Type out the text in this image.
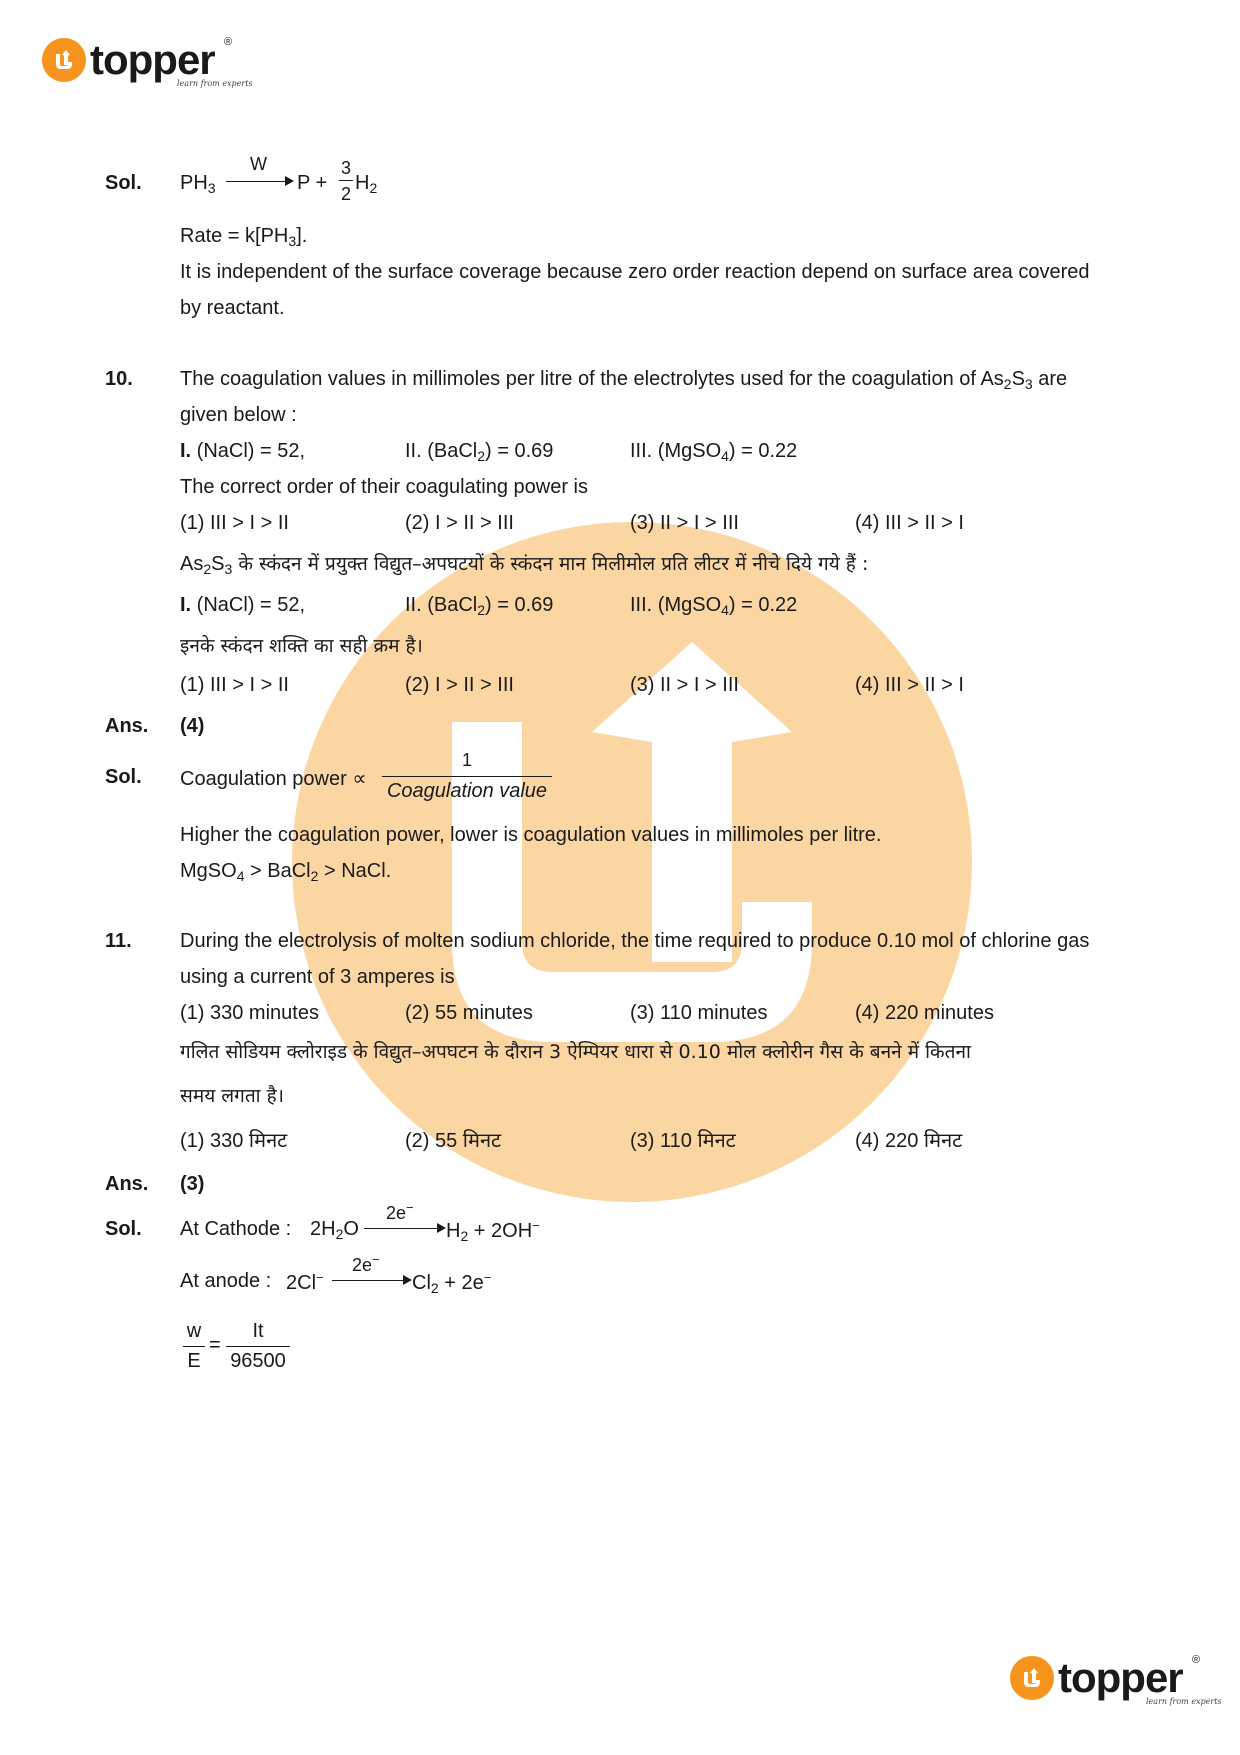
topper ®
learn from experts
Sol. $PH_3$
W
→ P +
3
2 $H_2$
Rate = $k[PH_3]$.
It is independent of the surface coverage because zero order reaction depend on surface area covered
by reactant.
10. The coagulation values in millimoles per litre of the electrolytes used for the coagulation of $As_2S_3$ are
given below :
I. (NaCl) = 52,	II. (BaCl$_2$) = 0.69	III. (MgSO$_4$) = 0.22
The correct order of their coagulating power is
(1) III > I > II	(2) I > II > III	(3) II > I > III	(4) III > II > I
$As_2S_3$ के स्कंदन में प्रयुक्त विद्युत–अपघटयों के स्कंदन मान मिलीमोल प्रति लीटर में नीचे दिये गये हैं :
I. (NaCl) = 52,	II. (BaCl$_2$) = 0.69	III. (MgSO$_4$) = 0.22
इनके स्कंदन शक्ति का सही क्रम है।
(1) III > I > II	(2) I > II > III	(3) II > I > III	(4) III > II > I
Ans. (4)
Sol. Coagulation power ∝
1
Coagulation value
Higher the coagulation power, lower is coagulation values in millimoles per litre.
MgSO$_4$ > BaCl$_2$ > NaCl.
11. During the electrolysis of molten sodium chloride, the time required to produce 0.10 mol of chlorine gas
using a current of 3 amperes is
(1) 330 minutes	(2) 55 minutes	(3) 110 minutes	(4) 220 minutes
गलित सोडियम क्लोराइड के विद्युत–अपघटन के दौरान 3 ऐम्पियर धारा से 0.10 मोल क्लोरीन गैस के बनने में कितना
समय लगता है।
(1) 330 मिनट	(2) 55 मिनट	(3) 110 मिनट	(4) 220 मिनट
Ans. (3)
Sol. At Cathode : $2H_2O$
2e−
$H_2 + 2OH^-$
At anode : 2Cl−
2e−
$Cl_2 + 2e^-$
w
E
=
It
96500
topper ®
learn from experts
